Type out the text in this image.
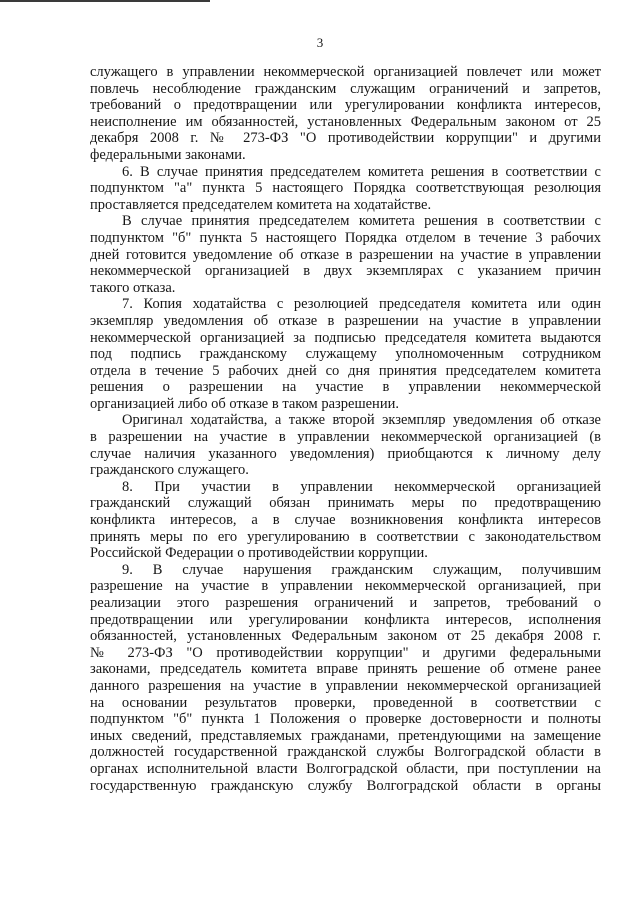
3
служащего в управлении некоммерческой организацией повлечет или может
повлечь несоблюдение гражданским служащим ограничений и запретов,
требований о предотвращении или урегулировании конфликта интересов,
неисполнение им обязанностей, установленных Федеральным законом от 25
декабря 2008 г. № 273-ФЗ "О противодействии коррупции" и другими
федеральными законами.
6. В случае принятия председателем комитета решения в соответствии с
подпунктом "а" пункта 5 настоящего Порядка соответствующая резолюция
проставляется председателем комитета на ходатайстве.
В случае принятия председателем комитета решения в соответствии с
подпунктом "б" пункта 5 настоящего Порядка отделом в течение 3 рабочих
дней готовится уведомление об отказе в разрешении на участие в управлении
некоммерческой организацией в двух экземплярах с указанием причин
такого отказа.
7. Копия ходатайства с резолюцией председателя комитета или один
экземпляр уведомления об отказе в разрешении на участие в управлении
некоммерческой организацией за подписью председателя комитета выдаются
под подпись гражданскому служащему уполномоченным сотрудником
отдела в течение 5 рабочих дней со дня принятия председателем комитета
решения о разрешении на участие в управлении некоммерческой
организацией либо об отказе в таком разрешении.
Оригинал ходатайства, а также второй экземпляр уведомления об отказе
в разрешении на участие в управлении некоммерческой организацией (в
случае наличия указанного уведомления) приобщаются к личному делу
гражданского служащего.
8. При участии в управлении некоммерческой организацией
гражданский служащий обязан принимать меры по предотвращению
конфликта интересов, а в случае возникновения конфликта интересов
принять меры по его урегулированию в соответствии с законодательством
Российской Федерации о противодействии коррупции.
9. В случае нарушения гражданским служащим, получившим
разрешение на участие в управлении некоммерческой организацией, при
реализации этого разрешения ограничений и запретов, требований о
предотвращении или урегулировании конфликта интересов, исполнения
обязанностей, установленных Федеральным законом от 25 декабря 2008 г.
№ 273-ФЗ "О противодействии коррупции" и другими федеральными
законами, председатель комитета вправе принять решение об отмене ранее
данного разрешения на участие в управлении некоммерческой организацией
на основании результатов проверки, проведенной в соответствии с
подпунктом "б" пункта 1 Положения о проверке достоверности и полноты
иных сведений, представляемых гражданами, претендующими на замещение
должностей государственной гражданской службы Волгоградской области в
органах исполнительной власти Волгоградской области, при поступлении на
государственную гражданскую службу Волгоградской области в органы
